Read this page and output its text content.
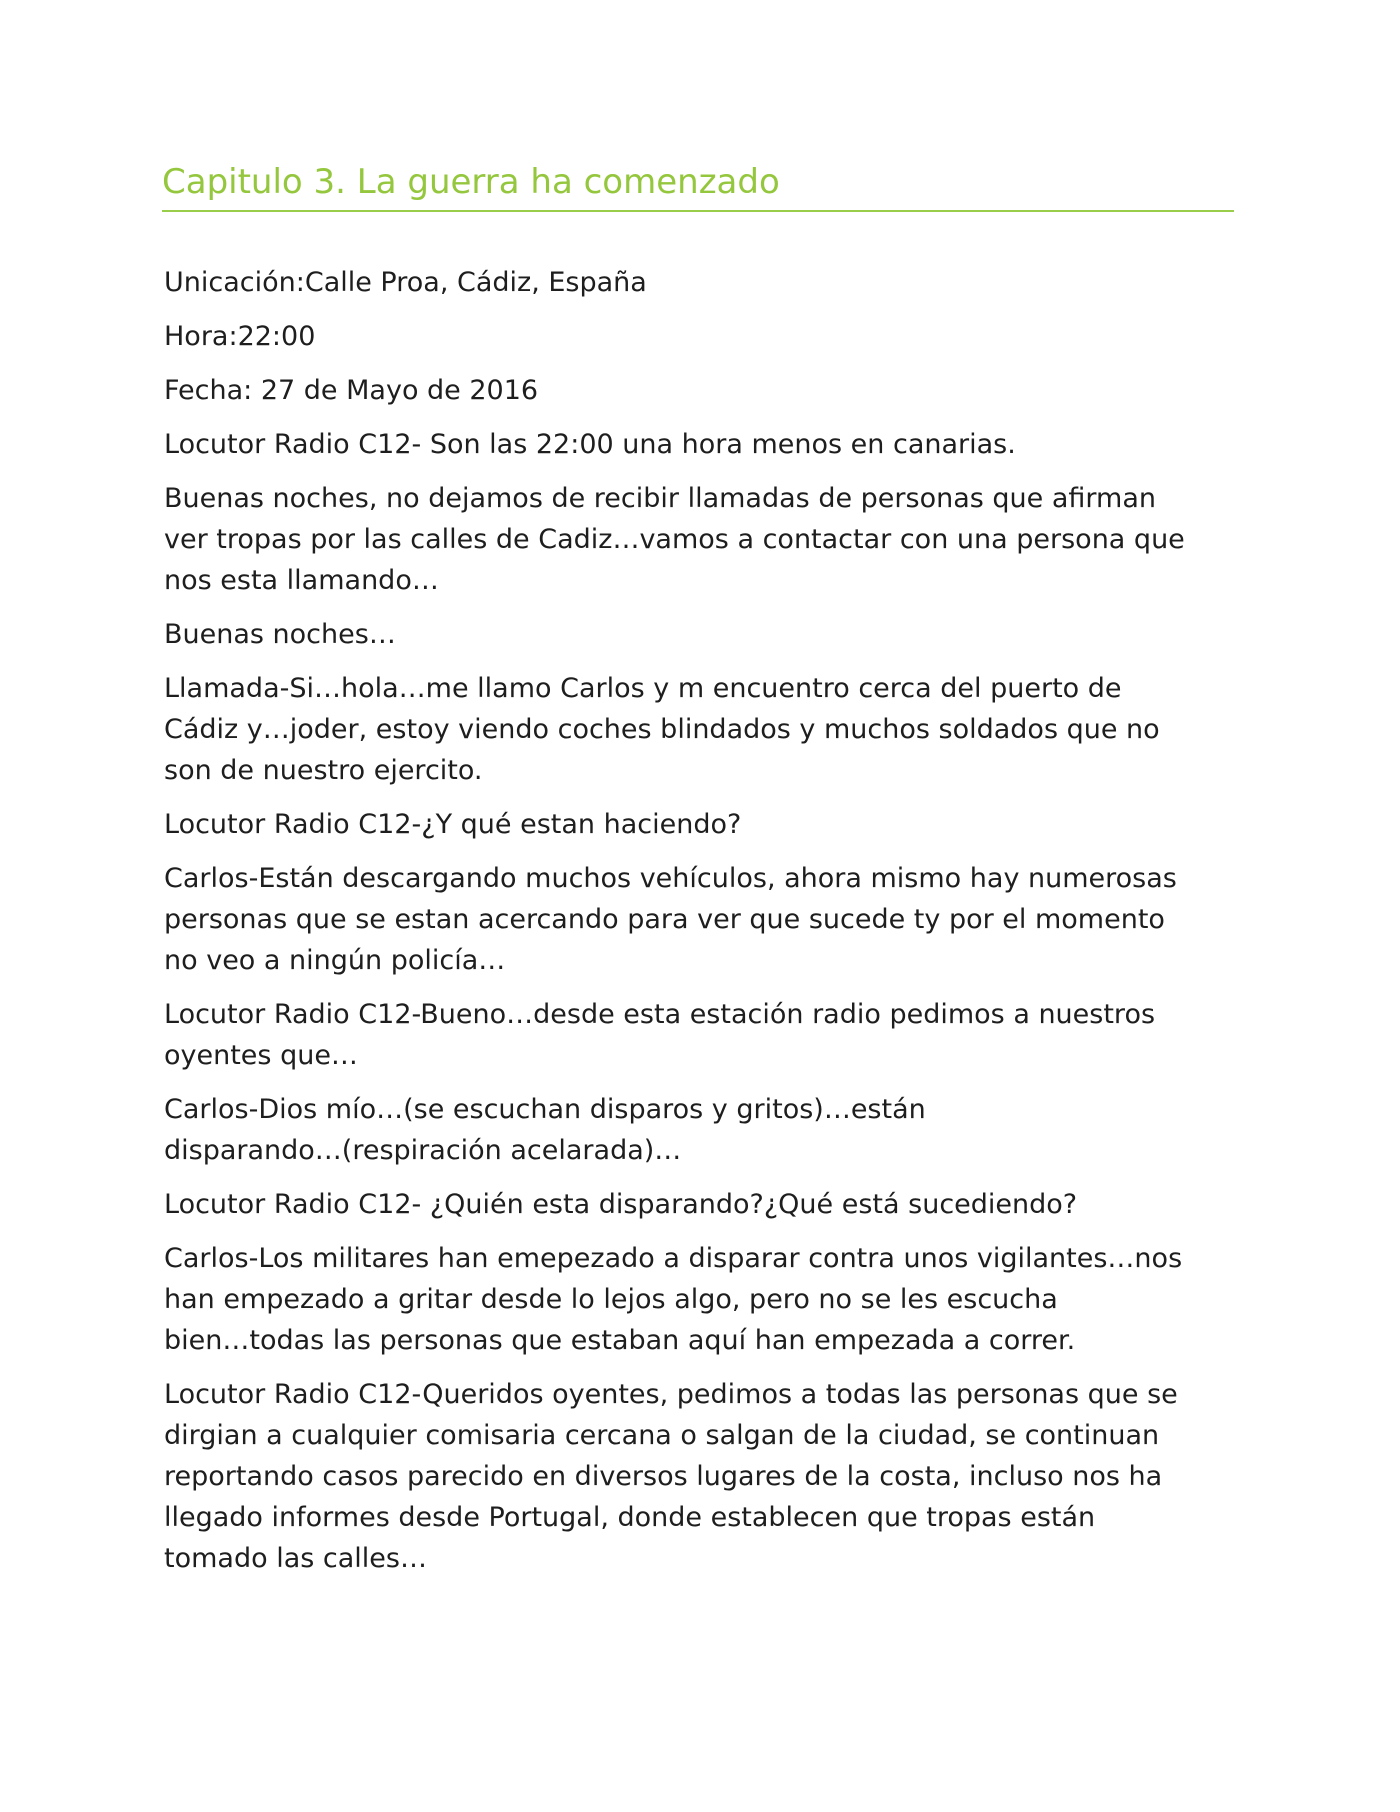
Capitulo 3. La guerra ha comenzado

Unicación:Calle Proa, Cádiz, España

Hora:22:00

Fecha: 27 de Mayo de 2016

Locutor Radio C12- Son las 22:00 una hora menos en canarias.

Buenas noches, no dejamos de recibir llamadas de personas que afirman
ver tropas por las calles de Cadiz…vamos a contactar con una persona que
nos esta llamando…

Buenas noches…

Llamada-Si…hola…me llamo Carlos y m encuentro cerca del puerto de
Cádiz y…joder, estoy viendo coches blindados y muchos soldados que no
son de nuestro ejercito.

Locutor Radio C12-¿Y qué estan haciendo?

Carlos-Están descargando muchos vehículos, ahora mismo hay numerosas
personas que se estan acercando para ver que sucede ty por el momento
no veo a ningún policía…

Locutor Radio C12-Bueno…desde esta estación radio pedimos a nuestros
oyentes que…

Carlos-Dios mío…(se escuchan disparos y gritos)…están
disparando…(respiración acelarada)…

Locutor Radio C12- ¿Quién esta disparando?¿Qué está sucediendo?

Carlos-Los militares han emepezado a disparar contra unos vigilantes…nos
han empezado a gritar desde lo lejos algo, pero no se les escucha
bien…todas las personas que estaban aquí han empezada a correr.

Locutor Radio C12-Queridos oyentes, pedimos a todas las personas que se
dirgian a cualquier comisaria cercana o salgan de la ciudad, se continuan
reportando casos parecido en diversos lugares de la costa, incluso nos ha
llegado informes desde Portugal, donde establecen que tropas están
tomado las calles…
